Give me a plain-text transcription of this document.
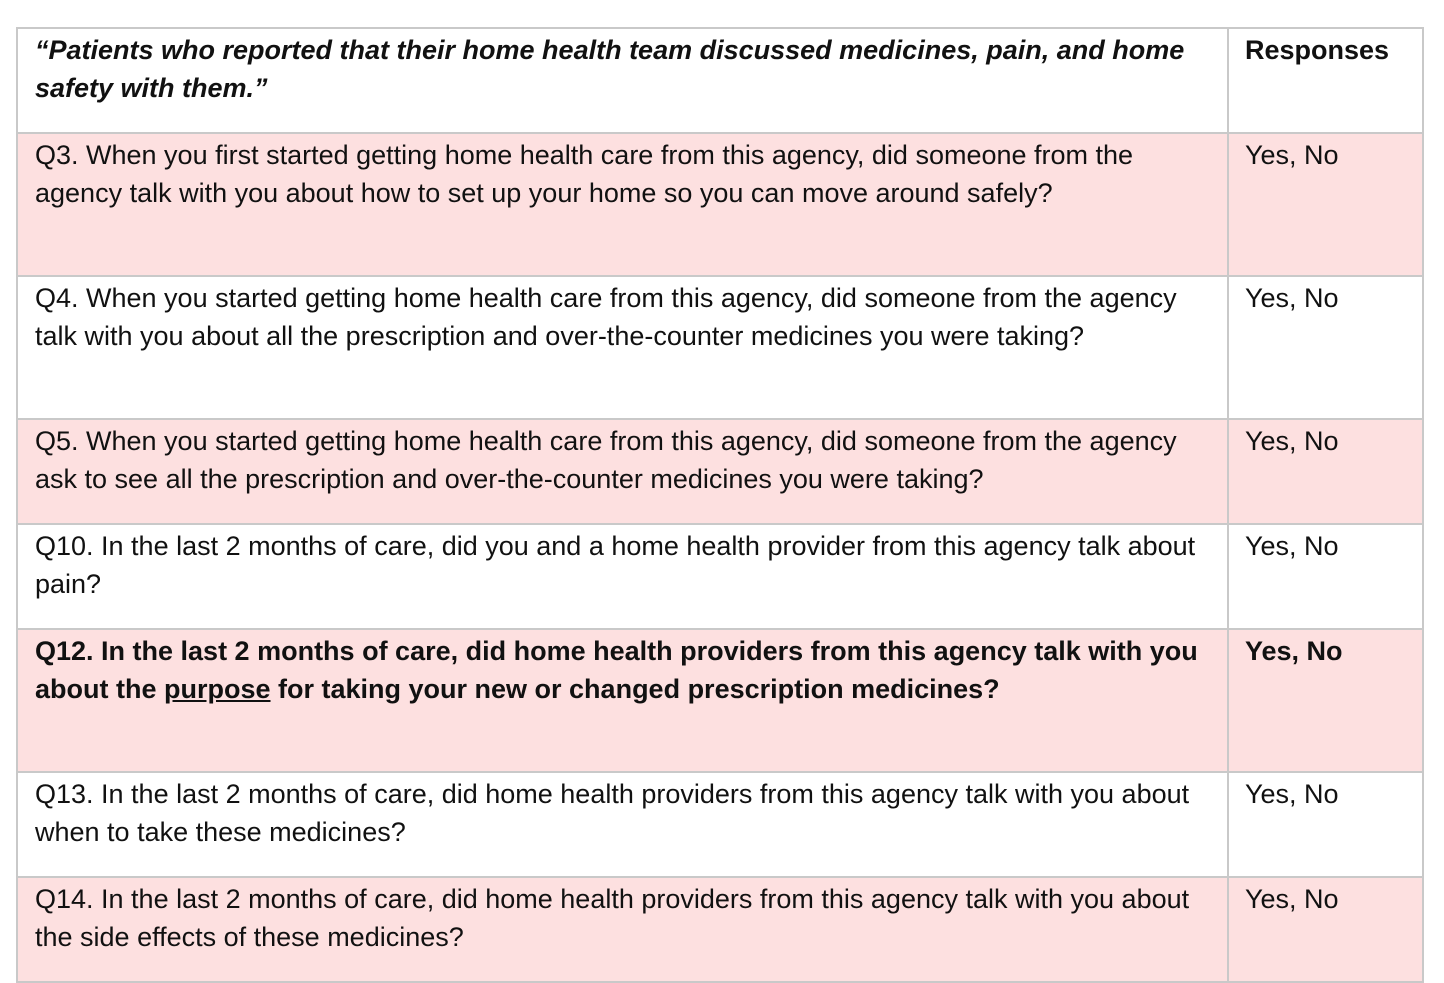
“Patients who reported that their home health team discussed medicines, pain, and home safety with them.”	Responses
Q3. When you first started getting home health care from this agency, did someone from the agency talk with you about how to set up your home so you can move around safely?	Yes, No
Q4. When you started getting home health care from this agency, did someone from the agency talk with you about all the prescription and over-the-counter medicines you were taking?	Yes, No
Q5. When you started getting home health care from this agency, did someone from the agency ask to see all the prescription and over-the-counter medicines you were taking?	Yes, No
Q10. In the last 2 months of care, did you and a home health provider from this agency talk about pain?	Yes, No
Q12. In the last 2 months of care, did home health providers from this agency talk with you about the purpose for taking your new or changed prescription medicines?	Yes, No
Q13. In the last 2 months of care, did home health providers from this agency talk with you about when to take these medicines?	Yes, No
Q14. In the last 2 months of care, did home health providers from this agency talk with you about the side effects of these medicines?	Yes, No
